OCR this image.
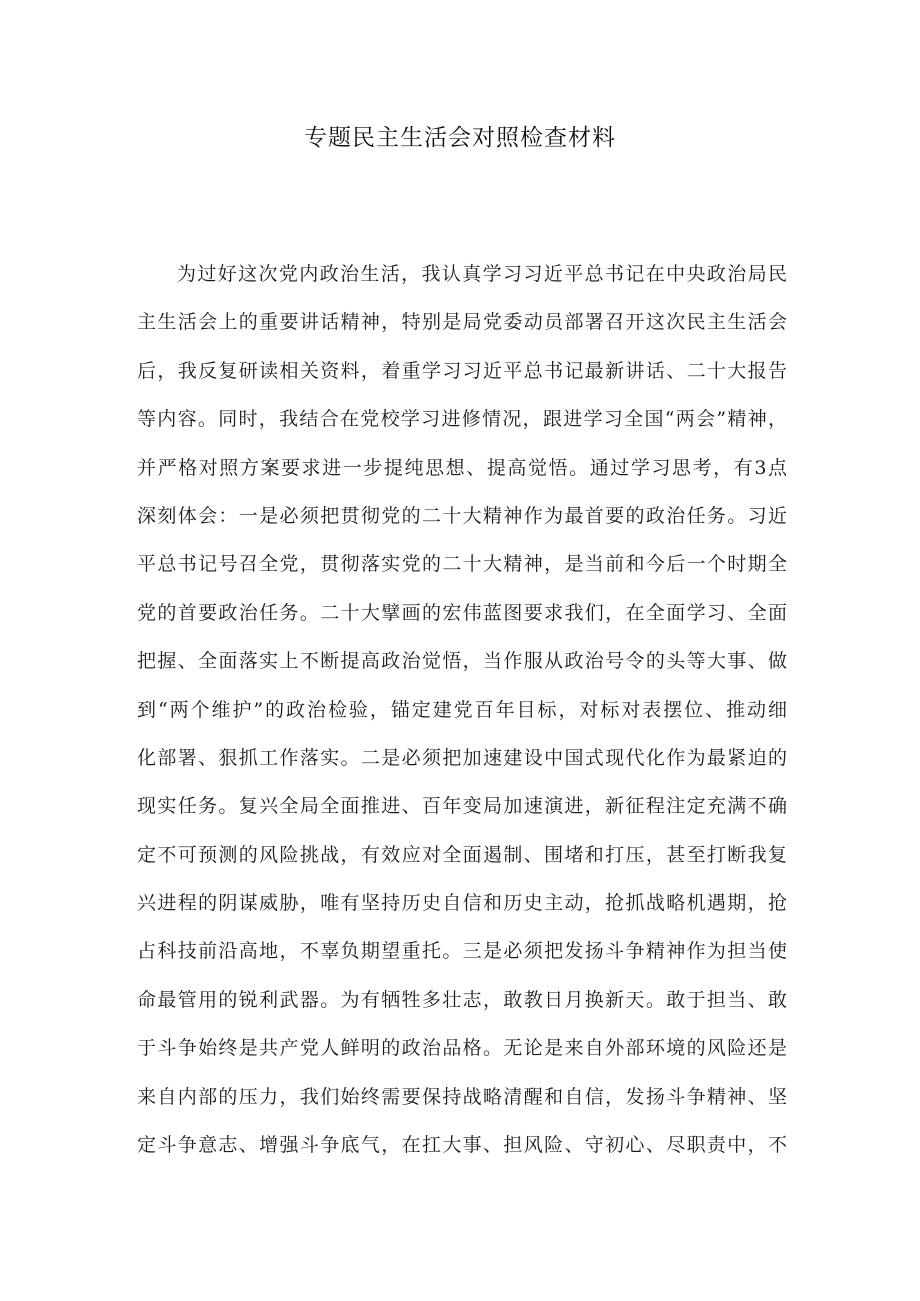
专题民主生活会对照检查材料
为过好这次党内政治生活，我认真学习习近平总书记在中央政治局民
主生活会上的重要讲话精神，特别是局党委动员部署召开这次民主生活会
后，我反复研读相关资料，着重学习习近平总书记最新讲话、二十大报告
等内容。同时，我结合在党校学习进修情况，跟进学习全国“两会”精神，
并严格对照方案要求进一步提纯思想、提高觉悟。通过学习思考，有3点
深刻体会：一是必须把贯彻党的二十大精神作为最首要的政治任务。习近
平总书记号召全党，贯彻落实党的二十大精神，是当前和今后一个时期全
党的首要政治任务。二十大擘画的宏伟蓝图要求我们，在全面学习、全面
把握、全面落实上不断提高政治觉悟，当作服从政治号令的头等大事、做
到“两个维护”的政治检验，锚定建党百年目标，对标对表摆位、推动细
化部署、狠抓工作落实。二是必须把加速建设中国式现代化作为最紧迫的
现实任务。复兴全局全面推进、百年变局加速演进，新征程注定充满不确
定不可预测的风险挑战，有效应对全面遏制、围堵和打压，甚至打断我复
兴进程的阴谋威胁，唯有坚持历史自信和历史主动，抢抓战略机遇期，抢
占科技前沿高地，不辜负期望重托。三是必须把发扬斗争精神作为担当使
命最管用的锐利武器。为有牺牲多壮志，敢教日月换新天。敢于担当、敢
于斗争始终是共产党人鲜明的政治品格。无论是来自外部环境的风险还是
来自内部的压力，我们始终需要保持战略清醒和自信，发扬斗争精神、坚
定斗争意志、增强斗争底气，在扛大事、担风险、守初心、尽职责中，不
